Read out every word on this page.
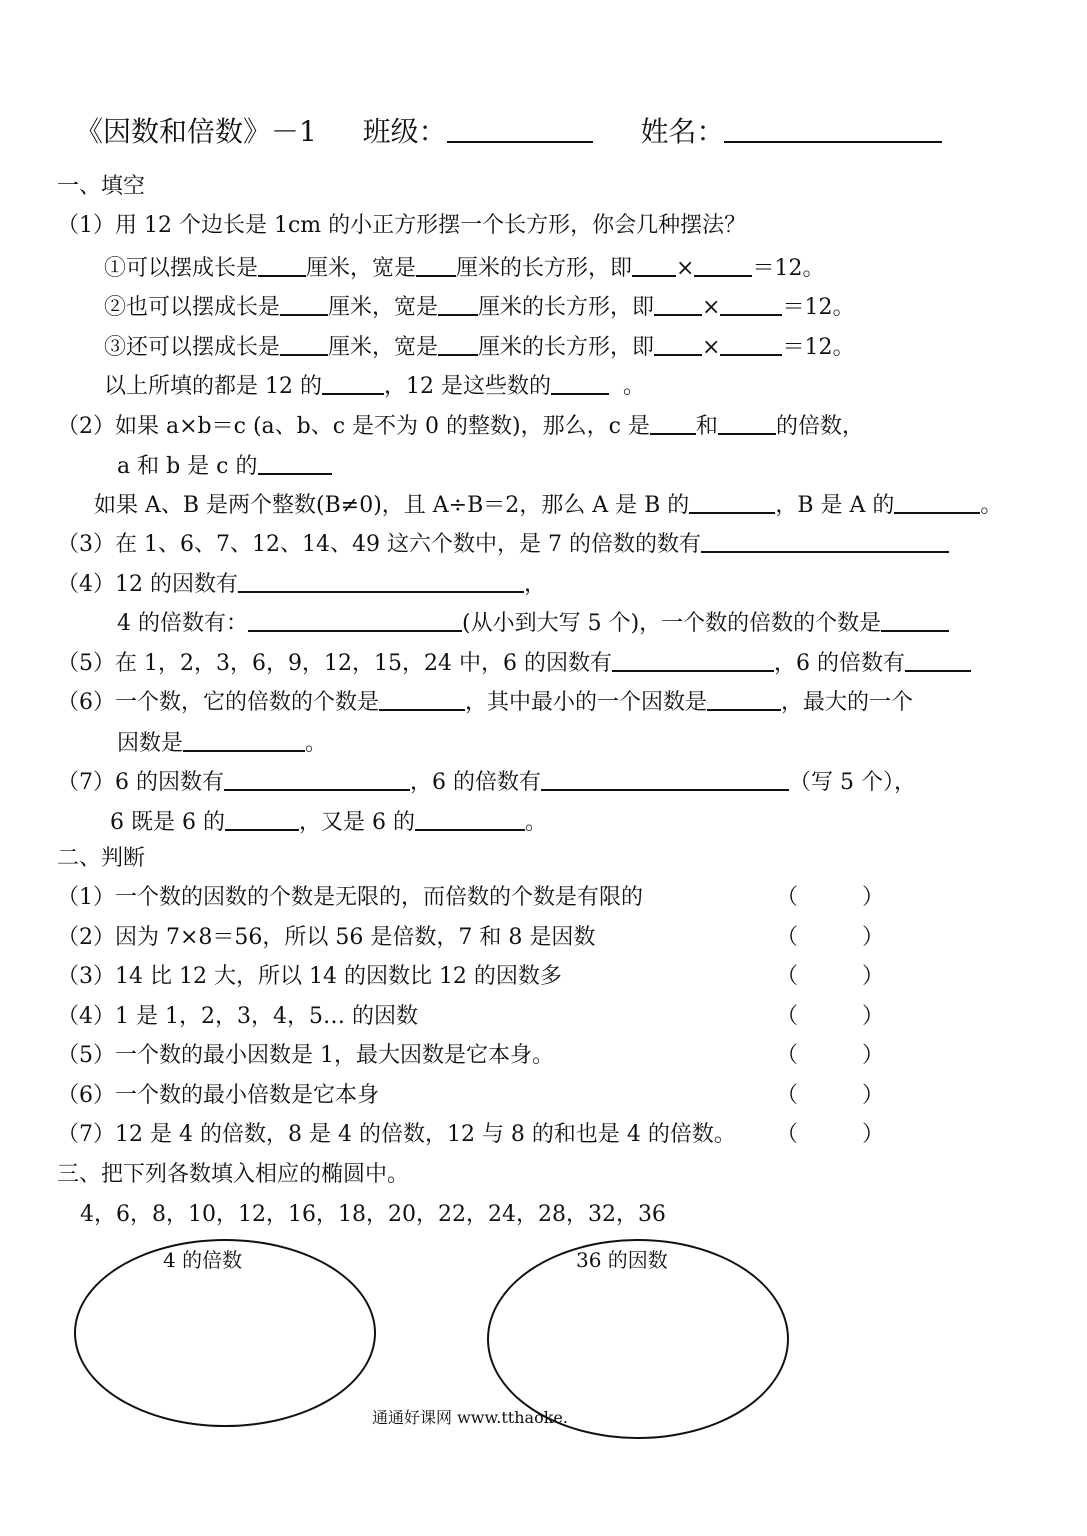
《因数和倍数》－1 班级：	姓名：
一、填空
（1）用 12 个边长是 1cm 的小正方形摆一个长方形，你会几种摆法？
①可以摆成长是 厘米，宽是 厘米的长方形，即 ×	＝12。
②也可以摆成长是 厘米，宽是 厘米的长方形，即 ×	＝12。
③还可以摆成长是 厘米，宽是 厘米的长方形，即 ×	＝12。
以上所填的都是 12 的	，12 是这些数的	。
（2）如果 a×b＝c (a、b、c 是不为 0 的整数)，那么，c 是 和	的倍数，
a 和 b 是 c 的
如果 A、B 是两个整数(B≠0)，且 A÷B＝2，那么 A 是 B 的	，B 是 A 的	。
（3）在 1、6、7、12、14、49 这六个数中，是 7 的倍数的数有
（4）12 的因数有	，
4 的倍数有：	(从小到大写 5 个)，一个数的倍数的个数是
（5）在 1，2，3，6，9，12，15，24 中，6 的因数有	，6 的倍数有
（6）一个数，它的倍数的个数是	，其中最小的一个因数是	，最大的一个
因数是	。
（7）6 的因数有	，6 的倍数有	（写 5 个），
6 既是 6 的	，又是 6 的	。
二、判断
（1）一个数的因数的个数是无限的，而倍数的个数是有限的	（	）
（2）因为 7×8＝56，所以 56 是倍数，7 和 8 是因数	（	）
（3）14 比 12 大，所以 14 的因数比 12 的因数多	（	）
（4）1 是 1，2，3，4，5… 的因数	（	）
（5）一个数的最小因数是 1，最大因数是它本身。	（	）
（6）一个数的最小倍数是它本身	（	）
（7）12 是 4 的倍数，8 是 4 的倍数，12 与 8 的和也是 4 的倍数。 （	）
三、把下列各数填入相应的椭圆中。
4，6，8，10，12，16，18，20，22，24，28，32，36
4 的倍数	36 的因数
通通好课网 www.tthaoke.
